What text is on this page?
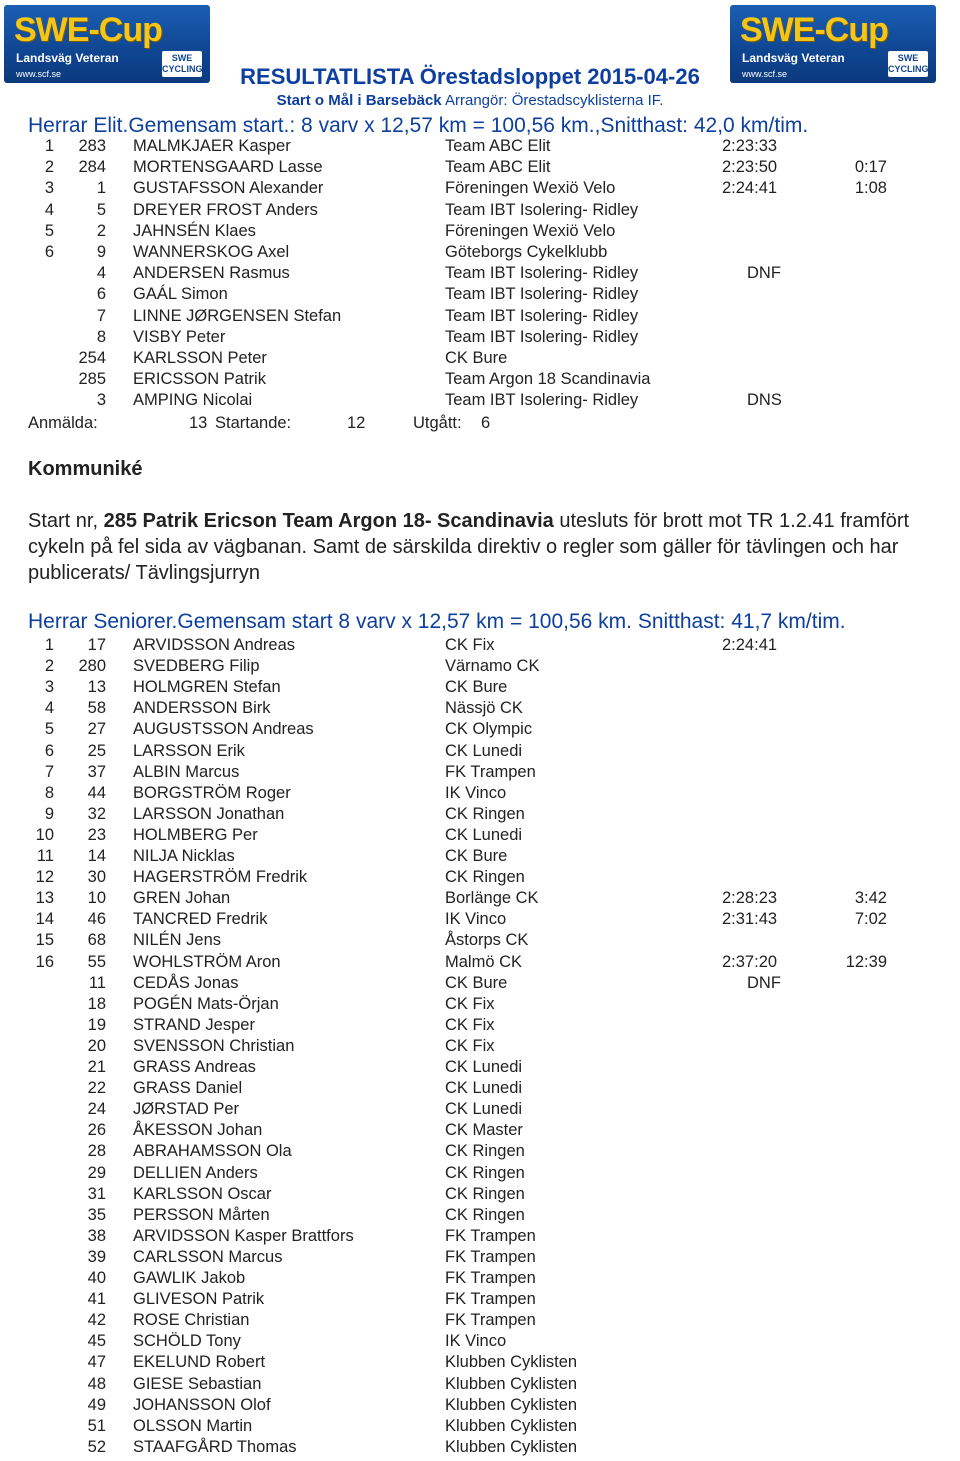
SWE-Cup
Landsväg Veteran
www.scf.se
SWE CYCLING
SWE-Cup
Landsväg Veteran
www.scf.se
SWE CYCLING
RESULTATLISTA Örestadsloppet 2015-04-26
Start o Mål i Barsebäck Arrangör: Örestadscyklisterna IF.
Herrar Elit.Gemensam start.: 8 varv x 12,57 km = 100,56 km.,Snitthast: 42,0 km/tim.
1	283 MALMKJAER Kasper	Team ABC Elit	2:23:33
2	284 MORTENSGAARD Lasse	Team ABC Elit	2:23:50	0:17
3	1 GUSTAFSSON Alexander	Föreningen Wexiö Velo	2:24:41	1:08
4	5 DREYER FROST Anders	Team IBT Isolering- Ridley
5	2 JAHNSÉN Klaes	Föreningen Wexiö Velo
6	9 WANNERSKOG Axel	Göteborgs Cykelklubb
4 ANDERSEN Rasmus	Team IBT Isolering- Ridley	DNF
6 GAÁL Simon	Team IBT Isolering- Ridley
7 LINNE JØRGENSEN Stefan	Team IBT Isolering- Ridley
8 VISBY Peter	Team IBT Isolering- Ridley
254 KARLSSON Peter	CK Bure
285 ERICSSON Patrik	Team Argon 18 Scandinavia
3 AMPING Nicolai	Team IBT Isolering- Ridley	DNS
Anmälda:	13 Startande:	12	Utgått: 6
Kommuniké
Start nr, 285 Patrik Ericson Team Argon 18- Scandinavia utesluts för brott mot TR 1.2.41 framfört cykeln på fel sida av vägbanan. Samt de särskilda direktiv o regler som gäller för tävlingen och har publicerats/ Tävlingsjurryn
Herrar Seniorer.Gemensam start 8 varv x 12,57 km = 100,56 km. Snitthast: 41,7 km/tim.
1	17 ARVIDSSON Andreas	CK Fix	2:24:41
2	280 SVEDBERG Filip	Värnamo CK
3	13 HOLMGREN Stefan	CK Bure
4	58 ANDERSSON Birk	Nässjö CK
5	27 AUGUSTSSON Andreas	CK Olympic
6	25 LARSSON Erik	CK Lunedi
7	37 ALBIN Marcus	FK Trampen
8	44 BORGSTRÖM Roger	IK Vinco
9	32 LARSSON Jonathan	CK Ringen
10	23 HOLMBERG Per	CK Lunedi
11	14 NILJA Nicklas	CK Bure
12	30 HAGERSTRÖM Fredrik	CK Ringen
13	10 GREN Johan	Borlänge CK	2:28:23	3:42
14	46 TANCRED Fredrik	IK Vinco	2:31:43	7:02
15	68 NILÉN Jens	Åstorps CK
16	55 WOHLSTRÖM Aron	Malmö CK	2:37:20	12:39
11 CEDÅS Jonas	CK Bure	DNF
18 POGÉN Mats-Örjan	CK Fix
19 STRAND Jesper	CK Fix
20 SVENSSON Christian	CK Fix
21 GRASS Andreas	CK Lunedi
22 GRASS Daniel	CK Lunedi
24 JØRSTAD Per	CK Lunedi
26 ÅKESSON Johan	CK Master
28 ABRAHAMSSON Ola	CK Ringen
29 DELLIEN Anders	CK Ringen
31 KARLSSON Oscar	CK Ringen
35 PERSSON Mårten	CK Ringen
38 ARVIDSSON Kasper Brattfors	FK Trampen
39 CARLSSON Marcus	FK Trampen
40 GAWLIK Jakob	FK Trampen
41 GLIVESON Patrik	FK Trampen
42 ROSE Christian	FK Trampen
45 SCHÖLD Tony	IK Vinco
47 EKELUND Robert	Klubben Cyklisten
48 GIESE Sebastian	Klubben Cyklisten
49 JOHANSSON Olof	Klubben Cyklisten
51 OLSSON Martin	Klubben Cyklisten
52 STAAFGÅRD Thomas	Klubben Cyklisten
